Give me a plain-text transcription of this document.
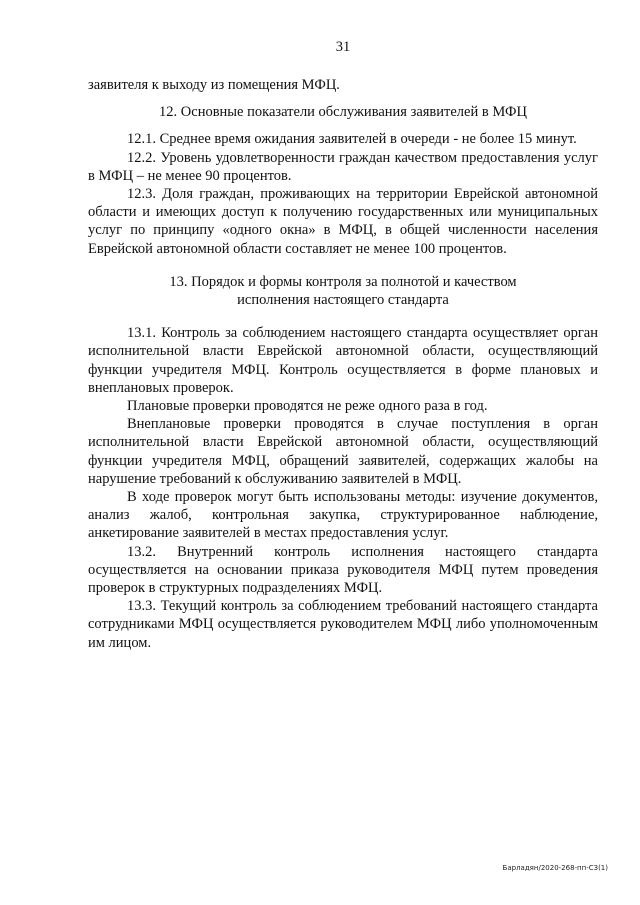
31

заявителя к выходу из помещения МФЦ.

12. Основные показатели обслуживания заявителей в МФЦ

12.1. Среднее время ожидания заявителей в очереди - не более 15 минут.

12.2. Уровень удовлетворенности граждан качеством предоставления услуг в МФЦ – не менее 90 процентов.

12.3. Доля граждан, проживающих на территории Еврейской автономной области и имеющих доступ к получению государственных или муниципальных услуг по принципу «одного окна» в МФЦ, в общей численности населения Еврейской автономной области составляет не менее 100 процентов.

13. Порядок и формы контроля за полнотой и качеством

исполнения настоящего стандарта

13.1. Контроль за соблюдением настоящего стандарта осуществляет орган исполнительной власти Еврейской автономной области, осуществляющий функции учредителя МФЦ. Контроль осуществляется в форме плановых и внеплановых проверок.

Плановые проверки проводятся не реже одного раза в год.

Внеплановые проверки проводятся в случае поступления в орган исполнительной власти Еврейской автономной области, осуществляющий функции учредителя МФЦ, обращений заявителей, содержащих жалобы на нарушение требований к обслуживанию заявителей в МФЦ.

В ходе проверок могут быть использованы методы: изучение документов, анализ жалоб, контрольная закупка, структурированное наблюдение, анкетирование заявителей в местах предоставления услуг.

13.2. Внутренний контроль исполнения настоящего стандарта осуществляется на основании приказа руководителя МФЦ путем проведения проверок в структурных подразделениях МФЦ.

13.3. Текущий контроль за соблюдением требований настоящего стандарта сотрудниками МФЦ осуществляется руководителем МФЦ либо уполномоченным им лицом.

Барладян/2020-268-пп-С3(1)
